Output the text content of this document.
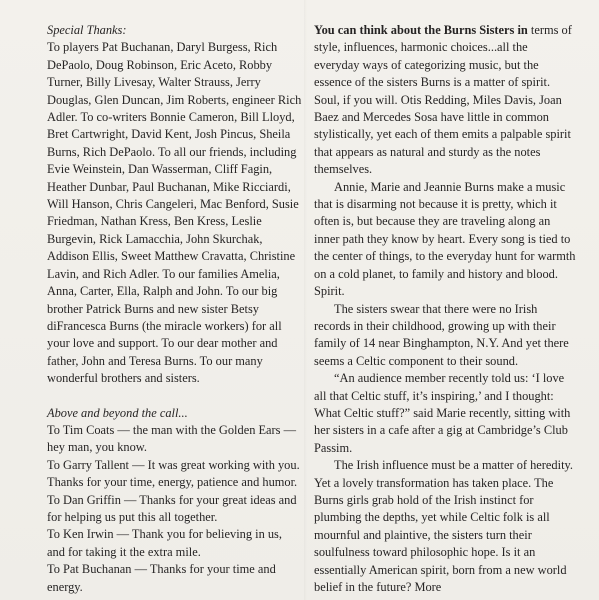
Special Thanks:
To players Pat Buchanan, Daryl Burgess, Rich DePaolo, Doug Robinson, Eric Aceto, Robby Turner, Billy Livesay, Walter Strauss, Jerry Douglas, Glen Duncan, Jim Roberts, engineer Rich Adler. To co-writers Bonnie Cameron, Bill Lloyd, Bret Cartwright, David Kent, Josh Pincus, Sheila Burns, Rich DePaolo. To all our friends, including Evie Weinstein, Dan Wasserman, Cliff Fagin, Heather Dunbar, Paul Buchanan, Mike Ricciardi, Will Hanson, Chris Cangeleri, Mac Benford, Susie Friedman, Nathan Kress, Ben Kress, Leslie Burgevin, Rick Lamacchia, John Skurchak, Addison Ellis, Sweet Matthew Cravatta, Christine Lavin, and Rich Adler. To our families Amelia, Anna, Carter, Ella, Ralph and John. To our big brother Patrick Burns and new sister Betsy diFrancesca Burns (the miracle workers) for all your love and support. To our dear mother and father, John and Teresa Burns. To our many wonderful brothers and sisters.
Above and beyond the call...
To Tim Coats — the man with the Golden Ears — hey man, you know.
To Garry Tallent — It was great working with you. Thanks for your time, energy, patience and humor.
To Dan Griffin — Thanks for your great ideas and for helping us put this all together.
To Ken Irwin — Thank you for believing in us, and for taking it the extra mile.
To Pat Buchanan — Thanks for your time and energy.

You can think about the Burns Sisters in terms of style, influences, harmonic choices...all the everyday ways of categorizing music, but the essence of the sisters Burns is a matter of spirit. Soul, if you will. Otis Redding, Miles Davis, Joan Baez and Mercedes Sosa have little in common stylistically, yet each of them emits a palpable spirit that appears as natural and sturdy as the notes themselves.

Annie, Marie and Jeannie Burns make a music that is disarming not because it is pretty, which it often is, but because they are traveling along an inner path they know by heart. Every song is tied to the center of things, to the everyday hunt for warmth on a cold planet, to family and history and blood. Spirit.

The sisters swear that there were no Irish records in their childhood, growing up with their family of 14 near Binghampton, N.Y. And yet there seems a Celtic component to their sound.

“An audience member recently told us: ‘I love all that Celtic stuff, it’s inspiring,’ and I thought: What Celtic stuff?” said Marie recently, sitting with her sisters in a cafe after a gig at Cambridge’s Club Passim.

The Irish influence must be a matter of heredity. Yet a lovely transformation has taken place. The Burns girls grab hold of the Irish instinct for plumbing the depths, yet while Celtic folk is all mournful and plaintive, the sisters turn their soulfulness toward philosophic hope. Is it an essentially American spirit, born from a new world belief in the future? More
